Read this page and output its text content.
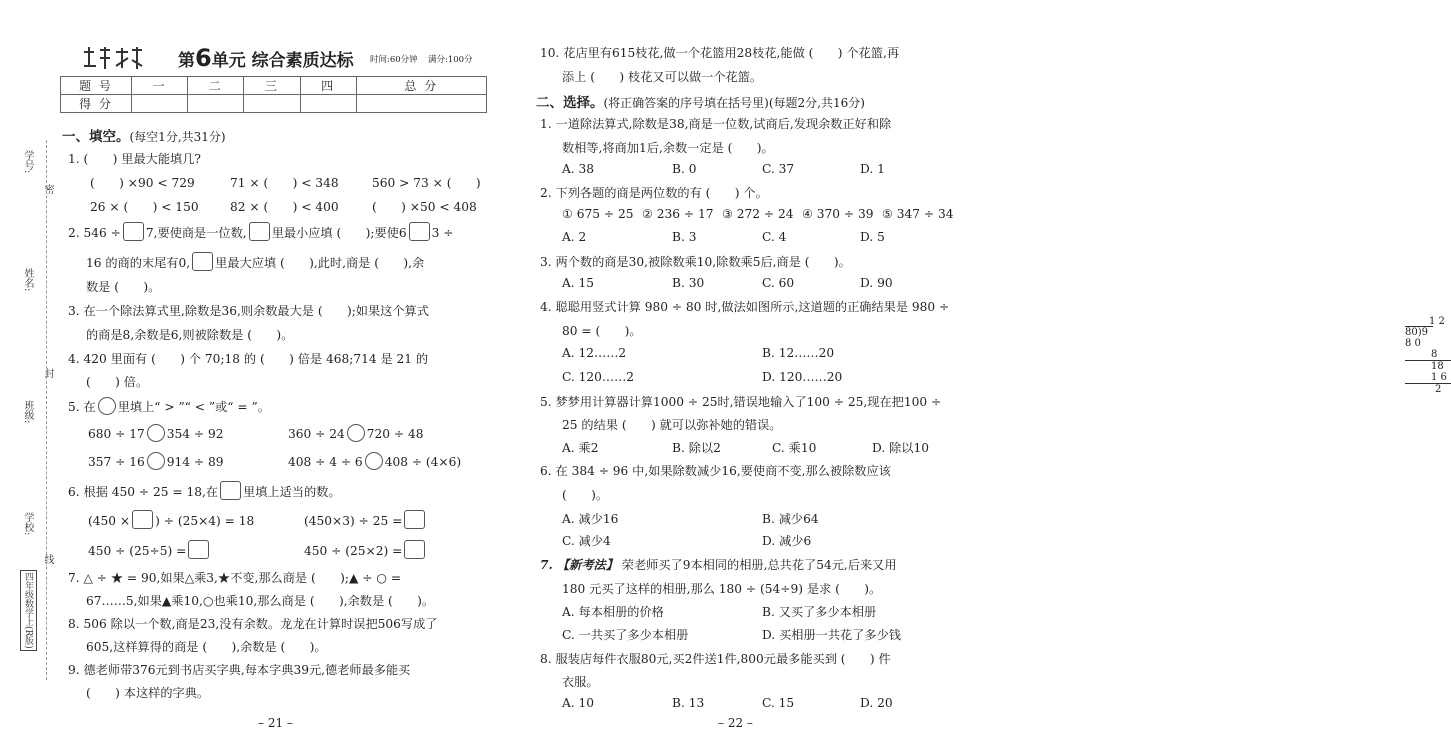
学号:
姓名:
班级:
学校:
密
封
线
四年级数学上(R版)
第6单元 综合素质达标 时间:60分钟 满分:100分
题 号	一	二	三	四	总 分
得 分					
一、填空。(每空1分,共31分)
1. (　　) 里最大能填几?
(　　) ×90 < 729	71 × (　　) < 348	560 > 73 × (　　)
26 × (　　) < 150	82 × (　　) < 400	(　　) ×50 < 408
2. 546 ÷ 7,要使商是一位数, 里最小应填 (　　);要使6 3 ÷
16 的商的末尾有0, 里最大应填 (　　),此时,商是 (　　),余
数是 (　　)。
3. 在一个除法算式里,除数是36,则余数最大是 (　　);如果这个算式
的商是8,余数是6,则被除数是 (　　)。
4. 420 里面有 (　　) 个 70;18 的 (　　) 倍是 468;714 是 21 的
(　　) 倍。
5. 在 里填上“ > ”“ < ”或“ = ”。
680 ÷ 17 354 ÷ 92	360 ÷ 24 720 ÷ 48
357 ÷ 16 914 ÷ 89	408 ÷ 4 ÷ 6 408 ÷ (4×6)
6. 根据 450 ÷ 25 = 18,在 里填上适当的数。
(450 × ) ÷ (25×4) = 18	(450×3) ÷ 25 =
450 ÷ (25÷5) =	450 ÷ (25×2) =
7. △ ÷ ★ = 90,如果△乘3,★不变,那么商是 (　　);▲ ÷ ○ =
67……5,如果▲乘10,○也乘10,那么商是 (　　),余数是 (　　)。
8. 506 除以一个数,商是23,没有余数。龙龙在计算时误把506写成了
605,这样算得的商是 (　　),余数是 (　　)。
9. 德老师带376元到书店买字典,每本字典39元,德老师最多能买
(　　) 本这样的字典。
– 21 –
10. 花店里有615枝花,做一个花篮用28枝花,能做 (　　) 个花篮,再
添上 (　　) 枝花又可以做一个花篮。
二、选择。(将正确答案的序号填在括号里)(每题2分,共16分)
1. 一道除法算式,除数是38,商是一位数,试商后,发现余数正好和除
数相等,将商加1后,余数一定是 (　　)。
A. 38	B. 0	C. 37	D. 1
2. 下列各题的商是两位数的有 (　　) 个。
① 675 ÷ 25 ② 236 ÷ 17 ③ 272 ÷ 24 ④ 370 ÷ 39 ⑤ 347 ÷ 34
A. 2	B. 3	C. 4	D. 5
3. 两个数的商是30,被除数乘10,除数乘5后,商是 (　　)。
A. 15	B. 30	C. 60	D. 90
4. 聪聪用竖式计算 980 ÷ 80 时,做法如图所示,这道题的正确结果是 980 ÷
80 = (　　)。
1 2
80)9 8 0
8
18
1 6
2
A. 12……2	B. 12……20
C. 120……2	D. 120……20
5. 梦梦用计算器计算1000 ÷ 25时,错误地输入了100 ÷ 25,现在把100 ÷
25 的结果 (　　) 就可以弥补她的错误。
A. 乘2	B. 除以2	C. 乘10	D. 除以10
6. 在 384 ÷ 96 中,如果除数减少16,要使商不变,那么被除数应该
(　　)。
A. 减少16	B. 减少64
C. 减少4	D. 减少6
7. 【新考法】 荣老师买了9本相同的相册,总共花了54元,后来又用
180 元买了这样的相册,那么 180 ÷ (54÷9) 是求 (　　)。
A. 每本相册的价格	B. 又买了多少本相册
C. 一共买了多少本相册	D. 买相册一共花了多少钱
8. 服装店每件衣服80元,买2件送1件,800元最多能买到 (　　) 件
衣服。
A. 10	B. 13	C. 15	D. 20
– 22 –
